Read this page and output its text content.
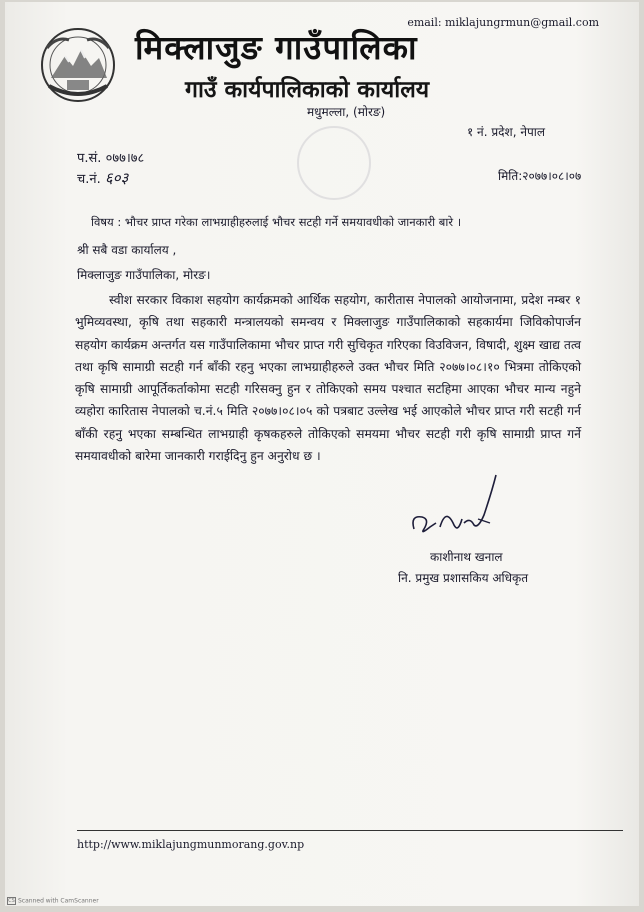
email: miklajungrmun@gmail.com
मिक्लाजुङ गाउँपालिका
गाउँ कार्यपालिकाको कार्यालय
मधुमल्ला, (मोरङ)
१ नं. प्रदेश, नेपाल
प.सं. ०७७।७८
च.नं. ६०३	मिति:२०७७।०८।०७
विषय : भौचर प्राप्त गरेका लाभग्राहीहरुलाई भौचर सटही गर्ने समयावधीको जानकारी बारे ।
श्री सबै वडा कार्यालय ,
मिक्लाजुङ गाउँपालिका, मोरङ।

स्वीश सरकार विकाश सहयोग कार्यक्रमको आर्थिक सहयोग, कारीतास नेपालको आयोजनामा, प्रदेश नम्बर १ भुमिव्यवस्था, कृषि तथा सहकारी मन्त्रालयको समन्वय र मिक्लाजुङ गाउँपालिकाको सहकार्यमा जिविकोपार्जन सहयोग कार्यक्रम अन्तर्गत यस गाउँपालिकामा भौचर प्राप्त गरी सुचिकृत गरिएका विउविजन, विषादी, शुक्ष्म खाद्य तत्व तथा कृषि सामाग्री सटही गर्न बाँकी रहनु भएका लाभग्राहीहरुले उक्त भौचर मिति २०७७।०८।१० भित्रमा तोकिएको कृषि सामाग्री आपूर्तिकर्ताकोमा सटही गरिसक्नु हुन र तोकिएको समय पश्चात सटहिमा आएका भौचर मान्य नहुने व्यहोरा कारितास नेपालको च.नं.५ मिति २०७७।०८।०५ को पत्रबाट उल्लेख भई आएकोले भौचर प्राप्त गरी सटही गर्न बाँकी रहनु भएका सम्बन्धित लाभग्राही कृषकहरुले तोकिएको समयमा भौचर सटही गरी कृषि सामाग्री प्राप्त गर्ने समयावधीको बारेमा जानकारी गराईदिनु हुन अनुरोध छ ।

काशीनाथ खनाल
नि. प्रमुख प्रशासकिय अधिकृत
http://www.miklajungmunmorang.gov.np
CS Scanned with CamScanner
